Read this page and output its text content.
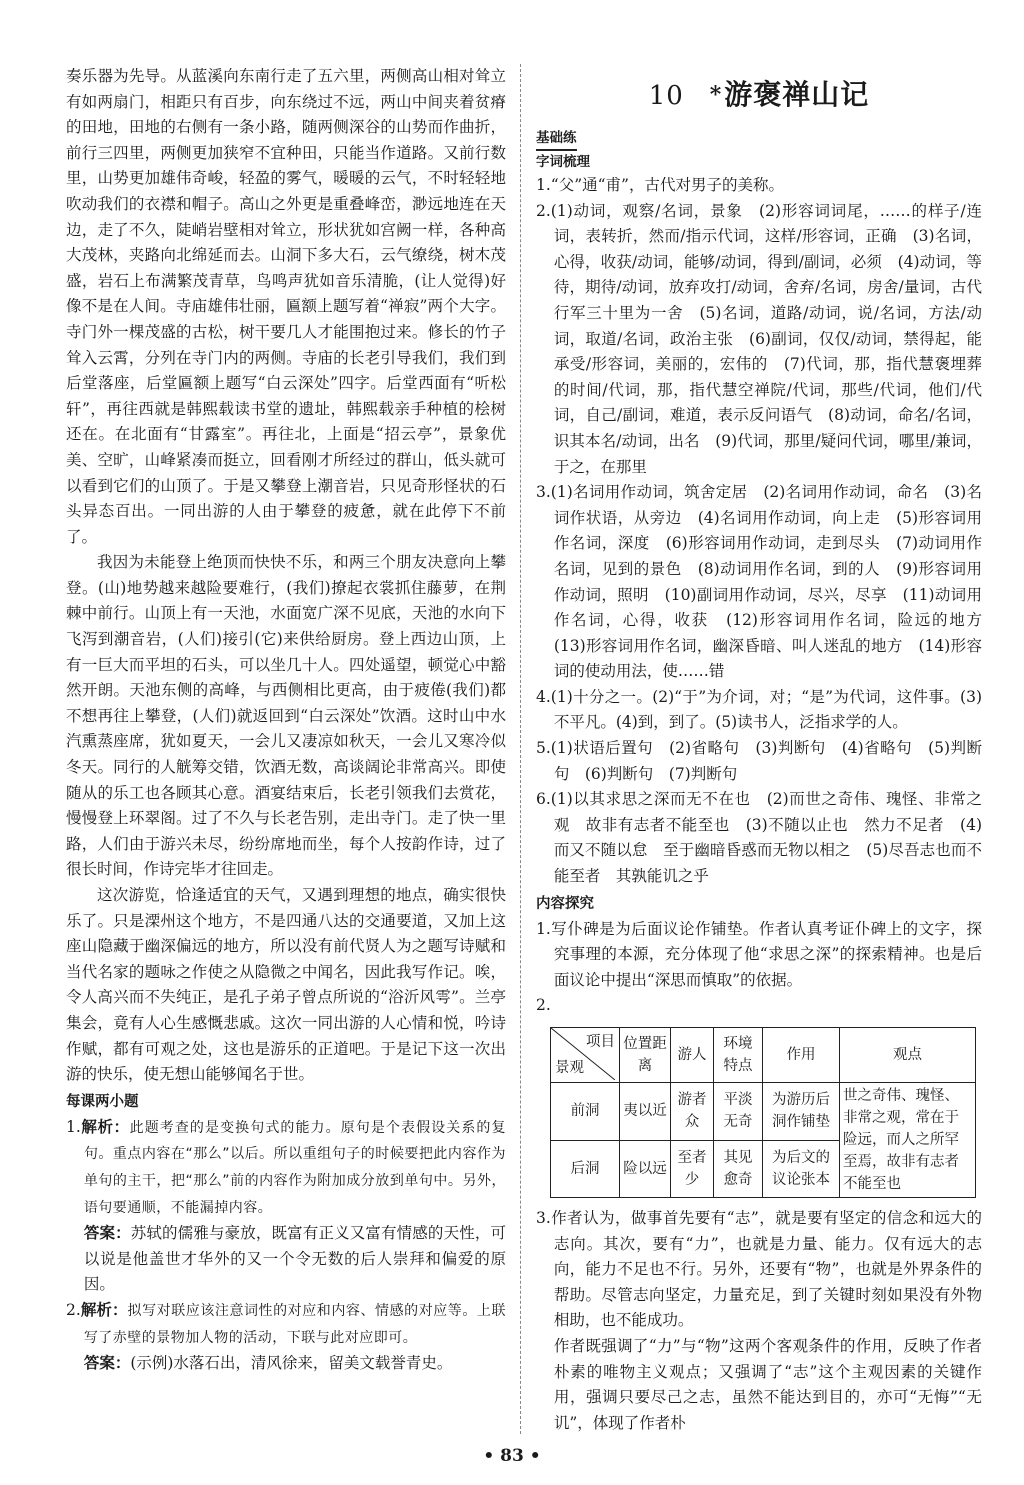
奏乐器为先导。从蓝溪向东南行走了五六里，两侧高山相对耸立有如两扇门，相距只有百步，向东绕过不远，两山中间夹着贫瘠的田地，田地的右侧有一条小路，随两侧深谷的山势而作曲折，前行三四里，两侧更加狭窄不宜种田，只能当作道路。又前行数里，山势更加雄伟奇峻，轻盈的雾气，暖暖的云气，不时轻轻地吹动我们的衣襟和帽子。高山之外更是重叠峰峦，渺远地连在天边，走了不久，陡峭岩壁相对耸立，形状犹如宫阙一样，各种高大茂林，夹路向北绵延而去。山洞下多大石，云气缭绕，树木茂盛，岩石上布满繁茂青草，鸟鸣声犹如音乐清脆，(让人觉得)好像不是在人间。寺庙雄伟壮丽，匾额上题写着“禅寂”两个大字。寺门外一棵茂盛的古松，树干要几人才能围抱过来。修长的竹子耸入云霄，分列在寺门内的两侧。寺庙的长老引导我们，我们到后堂落座，后堂匾额上题写“白云深处”四字。后堂西面有“听松轩”，再往西就是韩熙载读书堂的遗址，韩熙载亲手种植的桧树还在。在北面有“甘露室”。再往北，上面是“招云亭”，景象优美、空旷，山峰紧凑而挺立，回看刚才所经过的群山，低头就可以看到它们的山顶了。于是又攀登上潮音岩，只见奇形怪状的石头异态百出。一同出游的人由于攀登的疲惫，就在此停下不前了。

我因为未能登上绝顶而快快不乐，和两三个朋友决意向上攀登。(山)地势越来越险要难行，(我们)撩起衣裳抓住藤萝，在荆棘中前行。山顶上有一天池，水面宽广深不见底，天池的水向下飞泻到潮音岩，(人们)接引(它)来供给厨房。登上西边山顶，上有一巨大而平坦的石头，可以坐几十人。四处遥望，顿觉心中豁然开朗。天池东侧的高峰，与西侧相比更高，由于疲倦(我们)都不想再往上攀登，(人们)就返回到“白云深处”饮酒。这时山中水汽熏蒸座席，犹如夏天，一会儿又凄凉如秋天，一会儿又寒冷似冬天。同行的人觥筹交错，饮酒无数，高谈阔论非常高兴。即使随从的乐工也各顾其心意。酒宴结束后，长老引领我们去赏花，慢慢登上环翠阁。过了不久与长老告别，走出寺门。走了快一里路，人们由于游兴未尽，纷纷席地而坐，每个人按韵作诗，过了很长时间，作诗完毕才往回走。

这次游览，恰逢适宜的天气，又遇到理想的地点，确实很快乐了。只是溧州这个地方，不是四通八达的交通要道，又加上这座山隐藏于幽深偏远的地方，所以没有前代贤人为之题写诗赋和当代名家的题咏之作使之从隐微之中闻名，因此我写作记。唉，令人高兴而不失纯正，是孔子弟子曾点所说的“浴沂风雩”。兰亭集会，竟有人心生感慨悲戚。这次一同出游的人心情和悦，吟诗作赋，都有可观之处，这也是游乐的正道吧。于是记下这一次出游的快乐，使无想山能够闻名于世。

每课两小题

1.解析：此题考查的是变换句式的能力。原句是个表假设关系的复句。重点内容在“那么”以后。所以重组句子的时候要把此内容作为单句的主干，把“那么”前的内容作为附加成分放到单句中。另外，语句要通顺，不能漏掉内容。

答案：苏轼的儒雅与豪放，既富有正义又富有情感的天性，可以说是他盖世才华外的又一个令无数的后人崇拜和偏爱的原因。

2.解析：拟写对联应该注意词性的对应和内容、情感的对应等。上联写了赤壁的景物加人物的活动，下联与此对应即可。

答案：(示例)水落石出，清风徐来，留美文载誉青史。

10 *游褒禅山记
基础练
字词梳理

1.“父”通“甫”，古代对男子的美称。

2.(1)动词，观察/名词，景象　(2)形容词词尾，……的样子/连词，表转折，然而/指示代词，这样/形容词，正确　(3)名词，心得，收获/动词，能够/动词，得到/副词，必须　(4)动词，等待，期待/动词，放弃攻打/动词，舍弃/名词，房舍/量词，古代行军三十里为一舍　(5)名词，道路/动词，说/名词，方法/动词，取道/名词，政治主张　(6)副词，仅仅/动词，禁得起，能承受/形容词，美丽的，宏伟的　(7)代词，那，指代慧褒埋葬的时间/代词，那，指代慧空禅院/代词，那些/代词，他们/代词，自己/副词，难道，表示反问语气　(8)动词，命名/名词，识其本名/动词，出名　(9)代词，那里/疑问代词，哪里/兼词，于之，在那里

3.(1)名词用作动词，筑舍定居　(2)名词用作动词，命名　(3)名词作状语，从旁边　(4)名词用作动词，向上走　(5)形容词用作名词，深度　(6)形容词用作动词，走到尽头　(7)动词用作名词，见到的景色　(8)动词用作名词，到的人　(9)形容词用作动词，照明　(10)副词用作动词，尽兴，尽享　(11)动词用作名词，心得，收获　(12)形容词用作名词，险远的地方　(13)形容词用作名词，幽深昏暗、叫人迷乱的地方　(14)形容词的使动用法，使……错

4.(1)十分之一。(2)“于”为介词，对；“是”为代词，这件事。(3)不平凡。(4)到，到了。(5)读书人，泛指求学的人。

5.(1)状语后置句　(2)省略句　(3)判断句　(4)省略句　(5)判断句　(6)判断句　(7)判断句

6.(1)以其求思之深而无不在也　(2)而世之奇伟、瑰怪、非常之观　故非有志者不能至也　(3)不随以止也　然力不足者　(4)而又不随以怠　至于幽暗昏惑而无物以相之　(5)尽吾志也而不能至者　其孰能讥之乎

内容探究

1.写仆碑是为后面议论作铺垫。作者认真考证仆碑上的文字，探究事理的本源，充分体现了他“求思之深”的探索精神。也是后面议论中提出“深思而慎取”的依据。

2.

项目
景观	位置距离	游人	环境特点	作用	观点
前洞	夷以近	游者众	平淡无奇	为游历后洞作铺垫	世之奇伟、瑰怪、非常之观，常在于险远，而人之所罕至焉，故非有志者不能至也
后洞	险以远	至者少	其见愈奇	为后文的议论张本	

3.作者认为，做事首先要有“志”，就是要有坚定的信念和远大的志向。其次，要有“力”，也就是力量、能力。仅有远大的志向，能力不足也不行。另外，还要有“物”，也就是外界条件的帮助。尽管志向坚定，力量充足，到了关键时刻如果没有外物相助，也不能成功。

作者既强调了“力”与“物”这两个客观条件的作用，反映了作者朴素的唯物主义观点；又强调了“志”这个主观因素的关键作用，强调只要尽己之志，虽然不能达到目的，亦可“无悔”“无讥”，体现了作者朴

• 83 •
